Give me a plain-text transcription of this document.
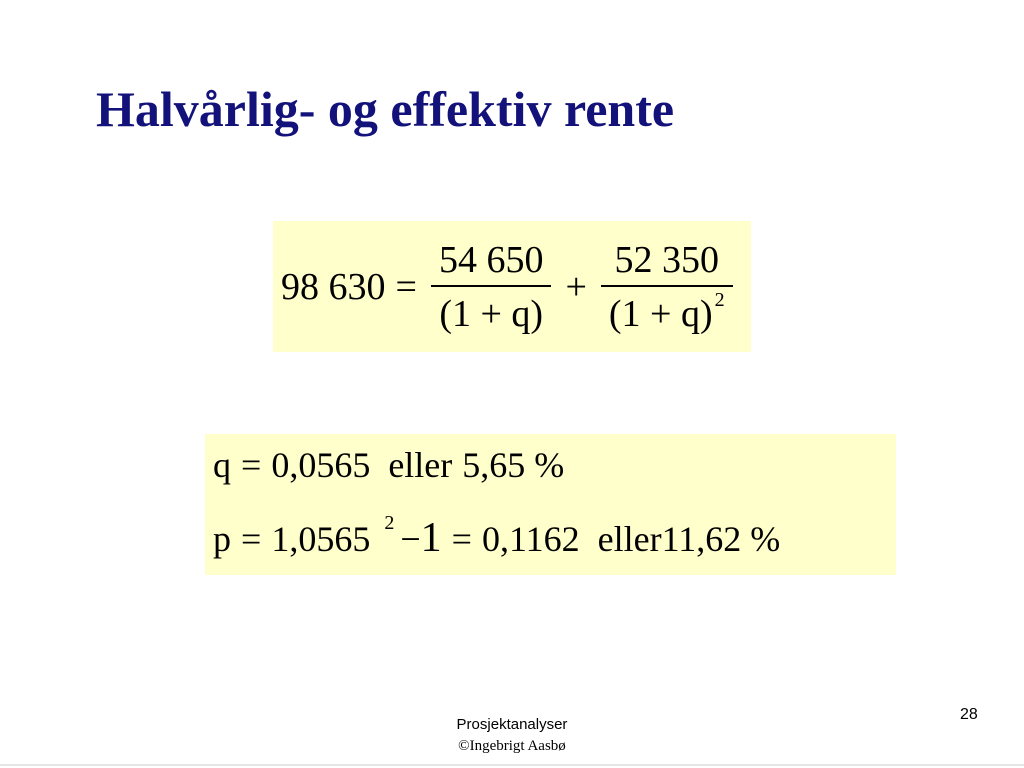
Halvårlig- og effektiv rente
98 $630 = \frac{54 650}{(1 + q)} + \frac{52 350}{(1 + q) ^2}$
q = 0,0565 eller 5,65 %
p = 1,0565 2 − 1 = 0,1162 eller 11,62 %
Prosjektanalyser
©Ingebrigt Aasbø
28
